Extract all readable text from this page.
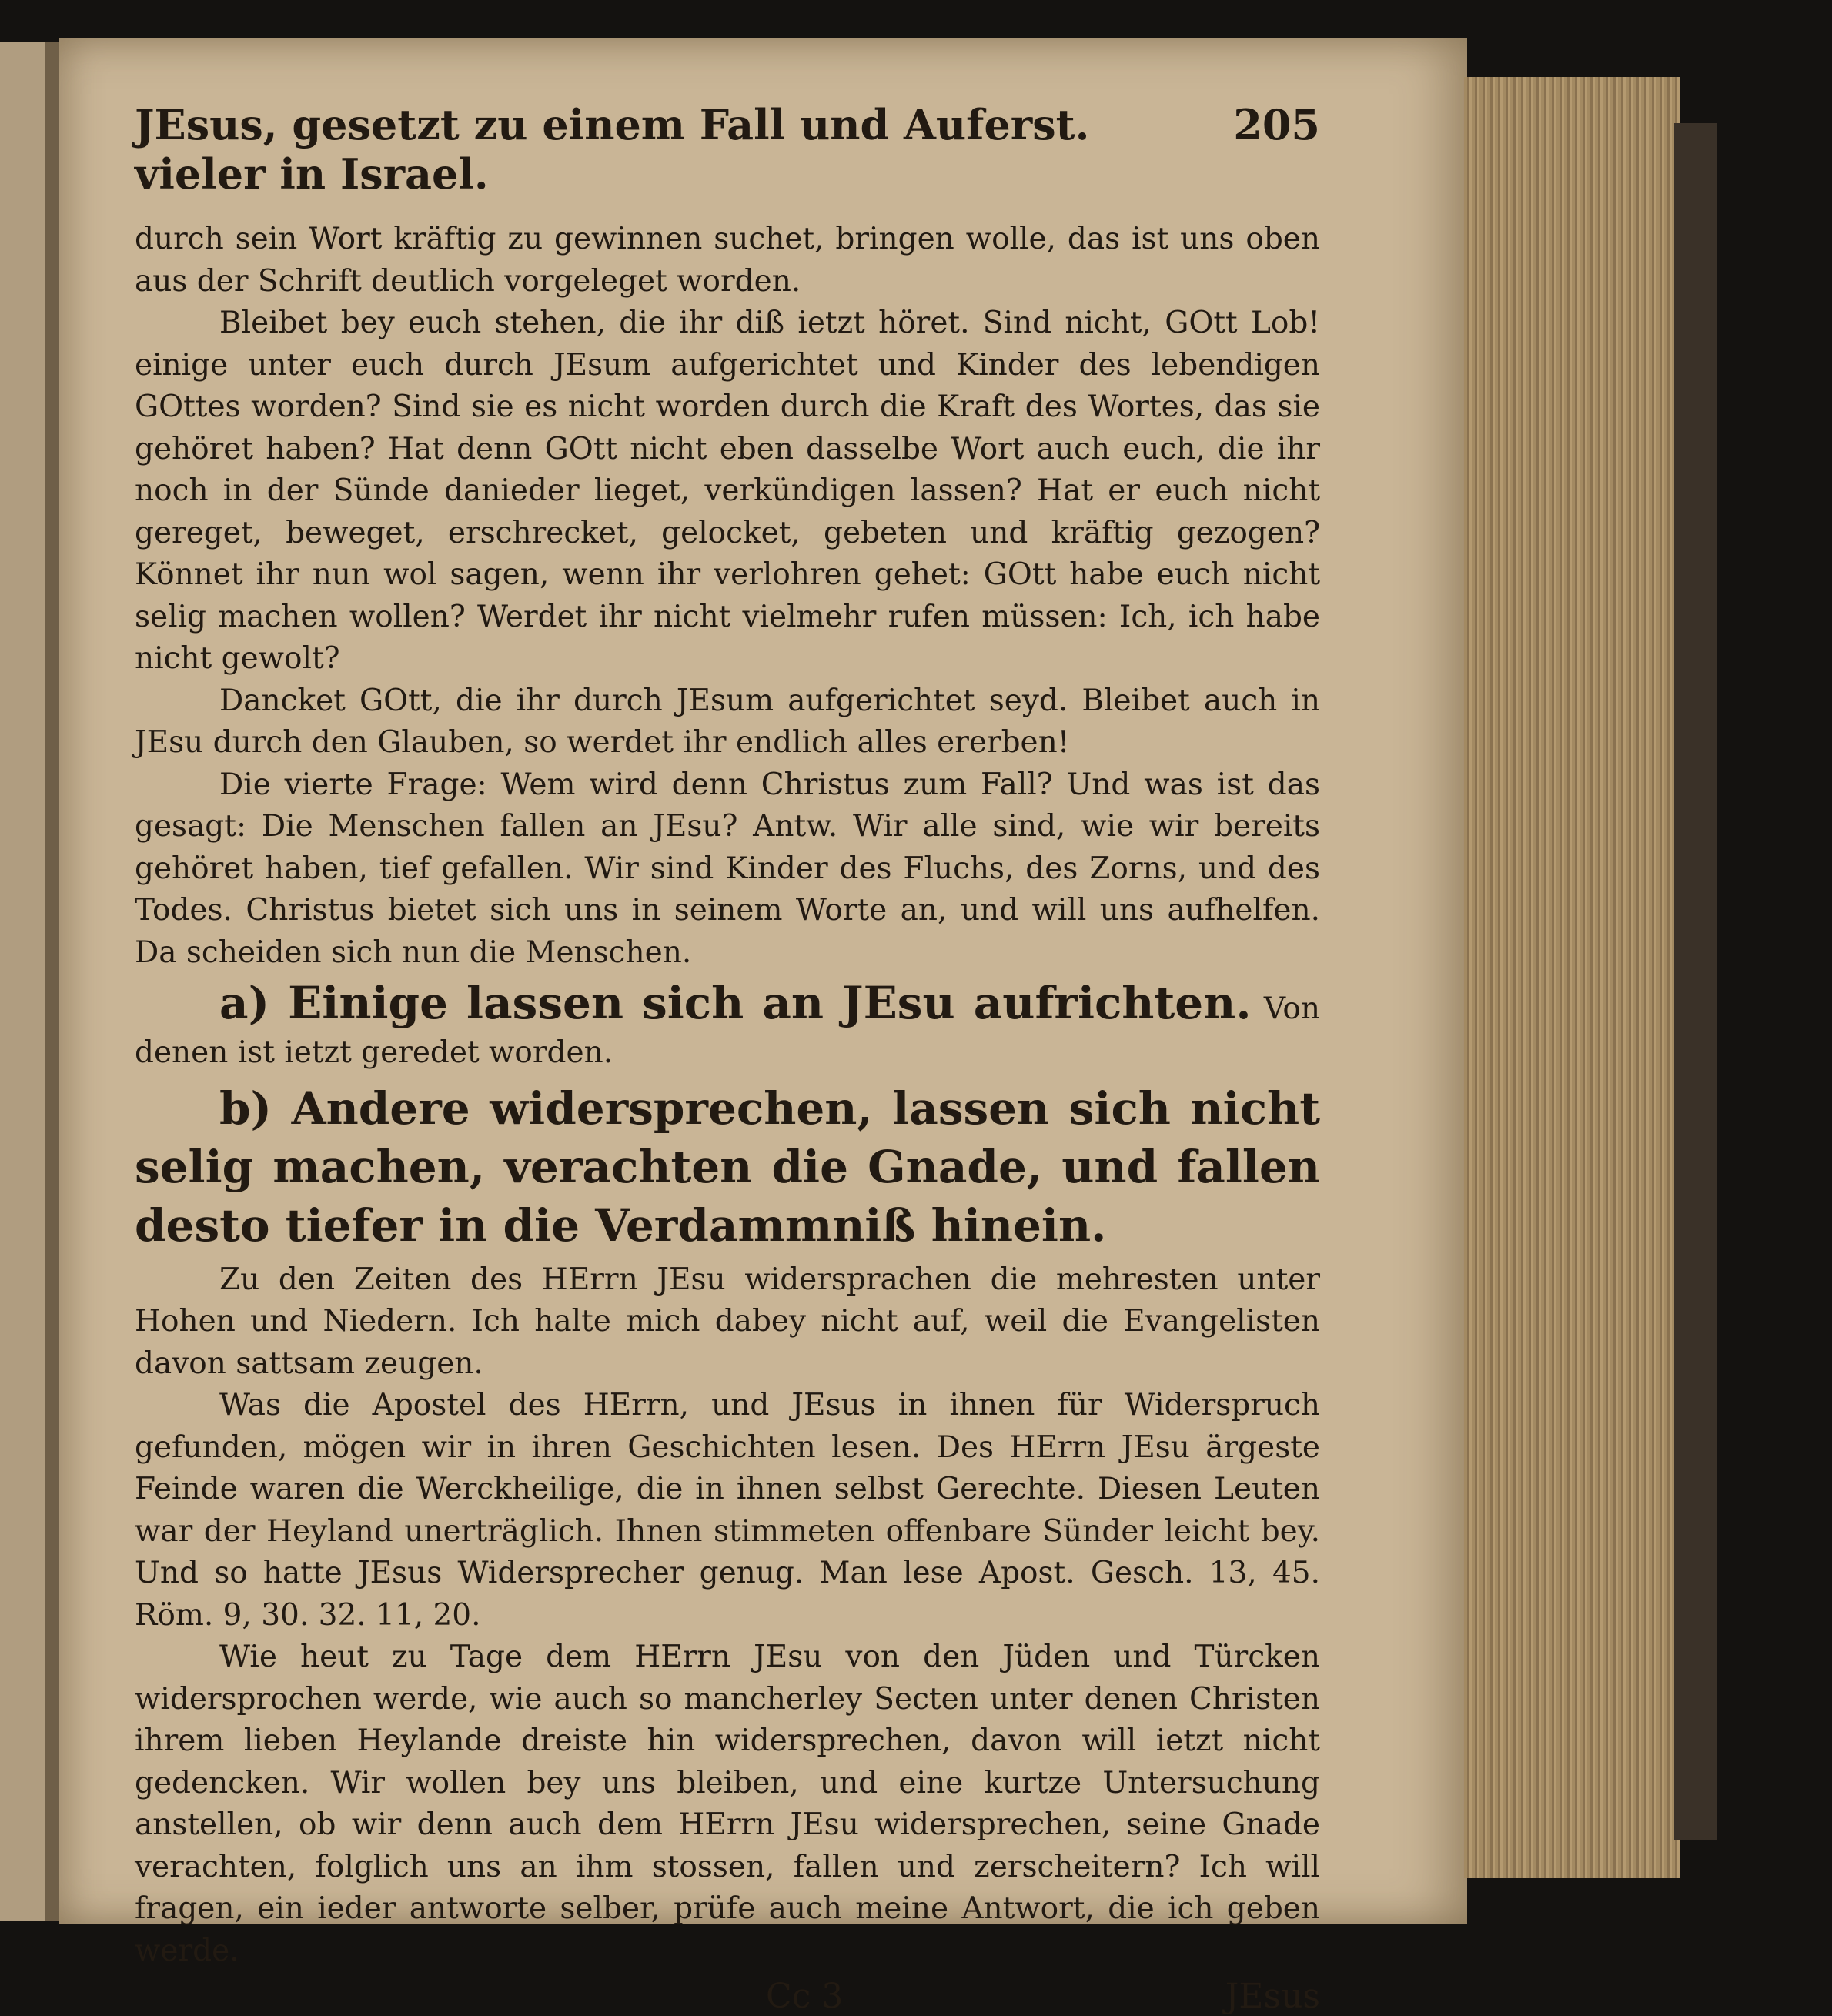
JEsus, gesetzt zu einem Fall und Auferst. vieler in Israel.
205

durch sein Wort kräftig zu gewinnen suchet, bringen wolle, das ist uns oben aus der Schrift deutlich vorgeleget worden.

Bleibet bey euch stehen, die ihr diß ietzt höret. Sind nicht, GOtt Lob! einige unter euch durch JEsum aufgerichtet und Kinder des lebendigen GOttes worden? Sind sie es nicht worden durch die Kraft des Wortes, das sie gehöret haben? Hat denn GOtt nicht eben dasselbe Wort auch euch, die ihr noch in der Sünde danieder lieget, verkündigen lassen? Hat er euch nicht gereget, beweget, erschrecket, gelocket, gebeten und kräftig gezogen? Könnet ihr nun wol sagen, wenn ihr verlohren gehet: GOtt habe euch nicht selig machen wollen? Werdet ihr nicht vielmehr rufen müssen: Ich, ich habe nicht gewolt?

Dancket GOtt, die ihr durch JEsum aufgerichtet seyd. Bleibet auch in JEsu durch den Glauben, so werdet ihr endlich alles ererben!

Die vierte Frage: Wem wird denn Christus zum Fall? Und was ist das gesagt: Die Menschen fallen an JEsu? Antw. Wir alle sind, wie wir bereits gehöret haben, tief gefallen. Wir sind Kinder des Fluchs, des Zorns, und des Todes. Christus bietet sich uns in seinem Worte an, und will uns aufhelfen. Da scheiden sich nun die Menschen.

a) Einige lassen sich an JEsu aufrichten. Von denen ist ietzt geredet worden.

b) Andere widersprechen, lassen sich nicht selig machen, verachten die Gnade, und fallen desto tiefer in die Verdammniß hinein.

Zu den Zeiten des HErrn JEsu widersprachen die mehresten unter Hohen und Niedern. Ich halte mich dabey nicht auf, weil die Evangelisten davon sattsam zeugen.

Was die Apostel des HErrn, und JEsus in ihnen für Widerspruch gefunden, mögen wir in ihren Geschichten lesen. Des HErrn JEsu ärgeste Feinde waren die Werckheilige, die in ihnen selbst Gerechte. Diesen Leuten war der Heyland unerträglich. Ihnen stimmeten offenbare Sünder leicht bey. Und so hatte JEsus Widersprecher genug. Man lese Apost. Gesch. 13, 45. Röm. 9, 30. 32. 11, 20.

Wie heut zu Tage dem HErrn JEsu von den Jüden und Türcken widersprochen werde, wie auch so mancherley Secten unter denen Christen ihrem lieben Heylande dreiste hin widersprechen, davon will ietzt nicht gedencken. Wir wollen bey uns bleiben, und eine kurtze Untersuchung anstellen, ob wir denn auch dem HErrn JEsu widersprechen, seine Gnade verachten, folglich uns an ihm stossen, fallen und zerscheitern? Ich will fragen, ein ieder antworte selber, prüfe auch meine Antwort, die ich geben werde.

Cc 3	JEsus
